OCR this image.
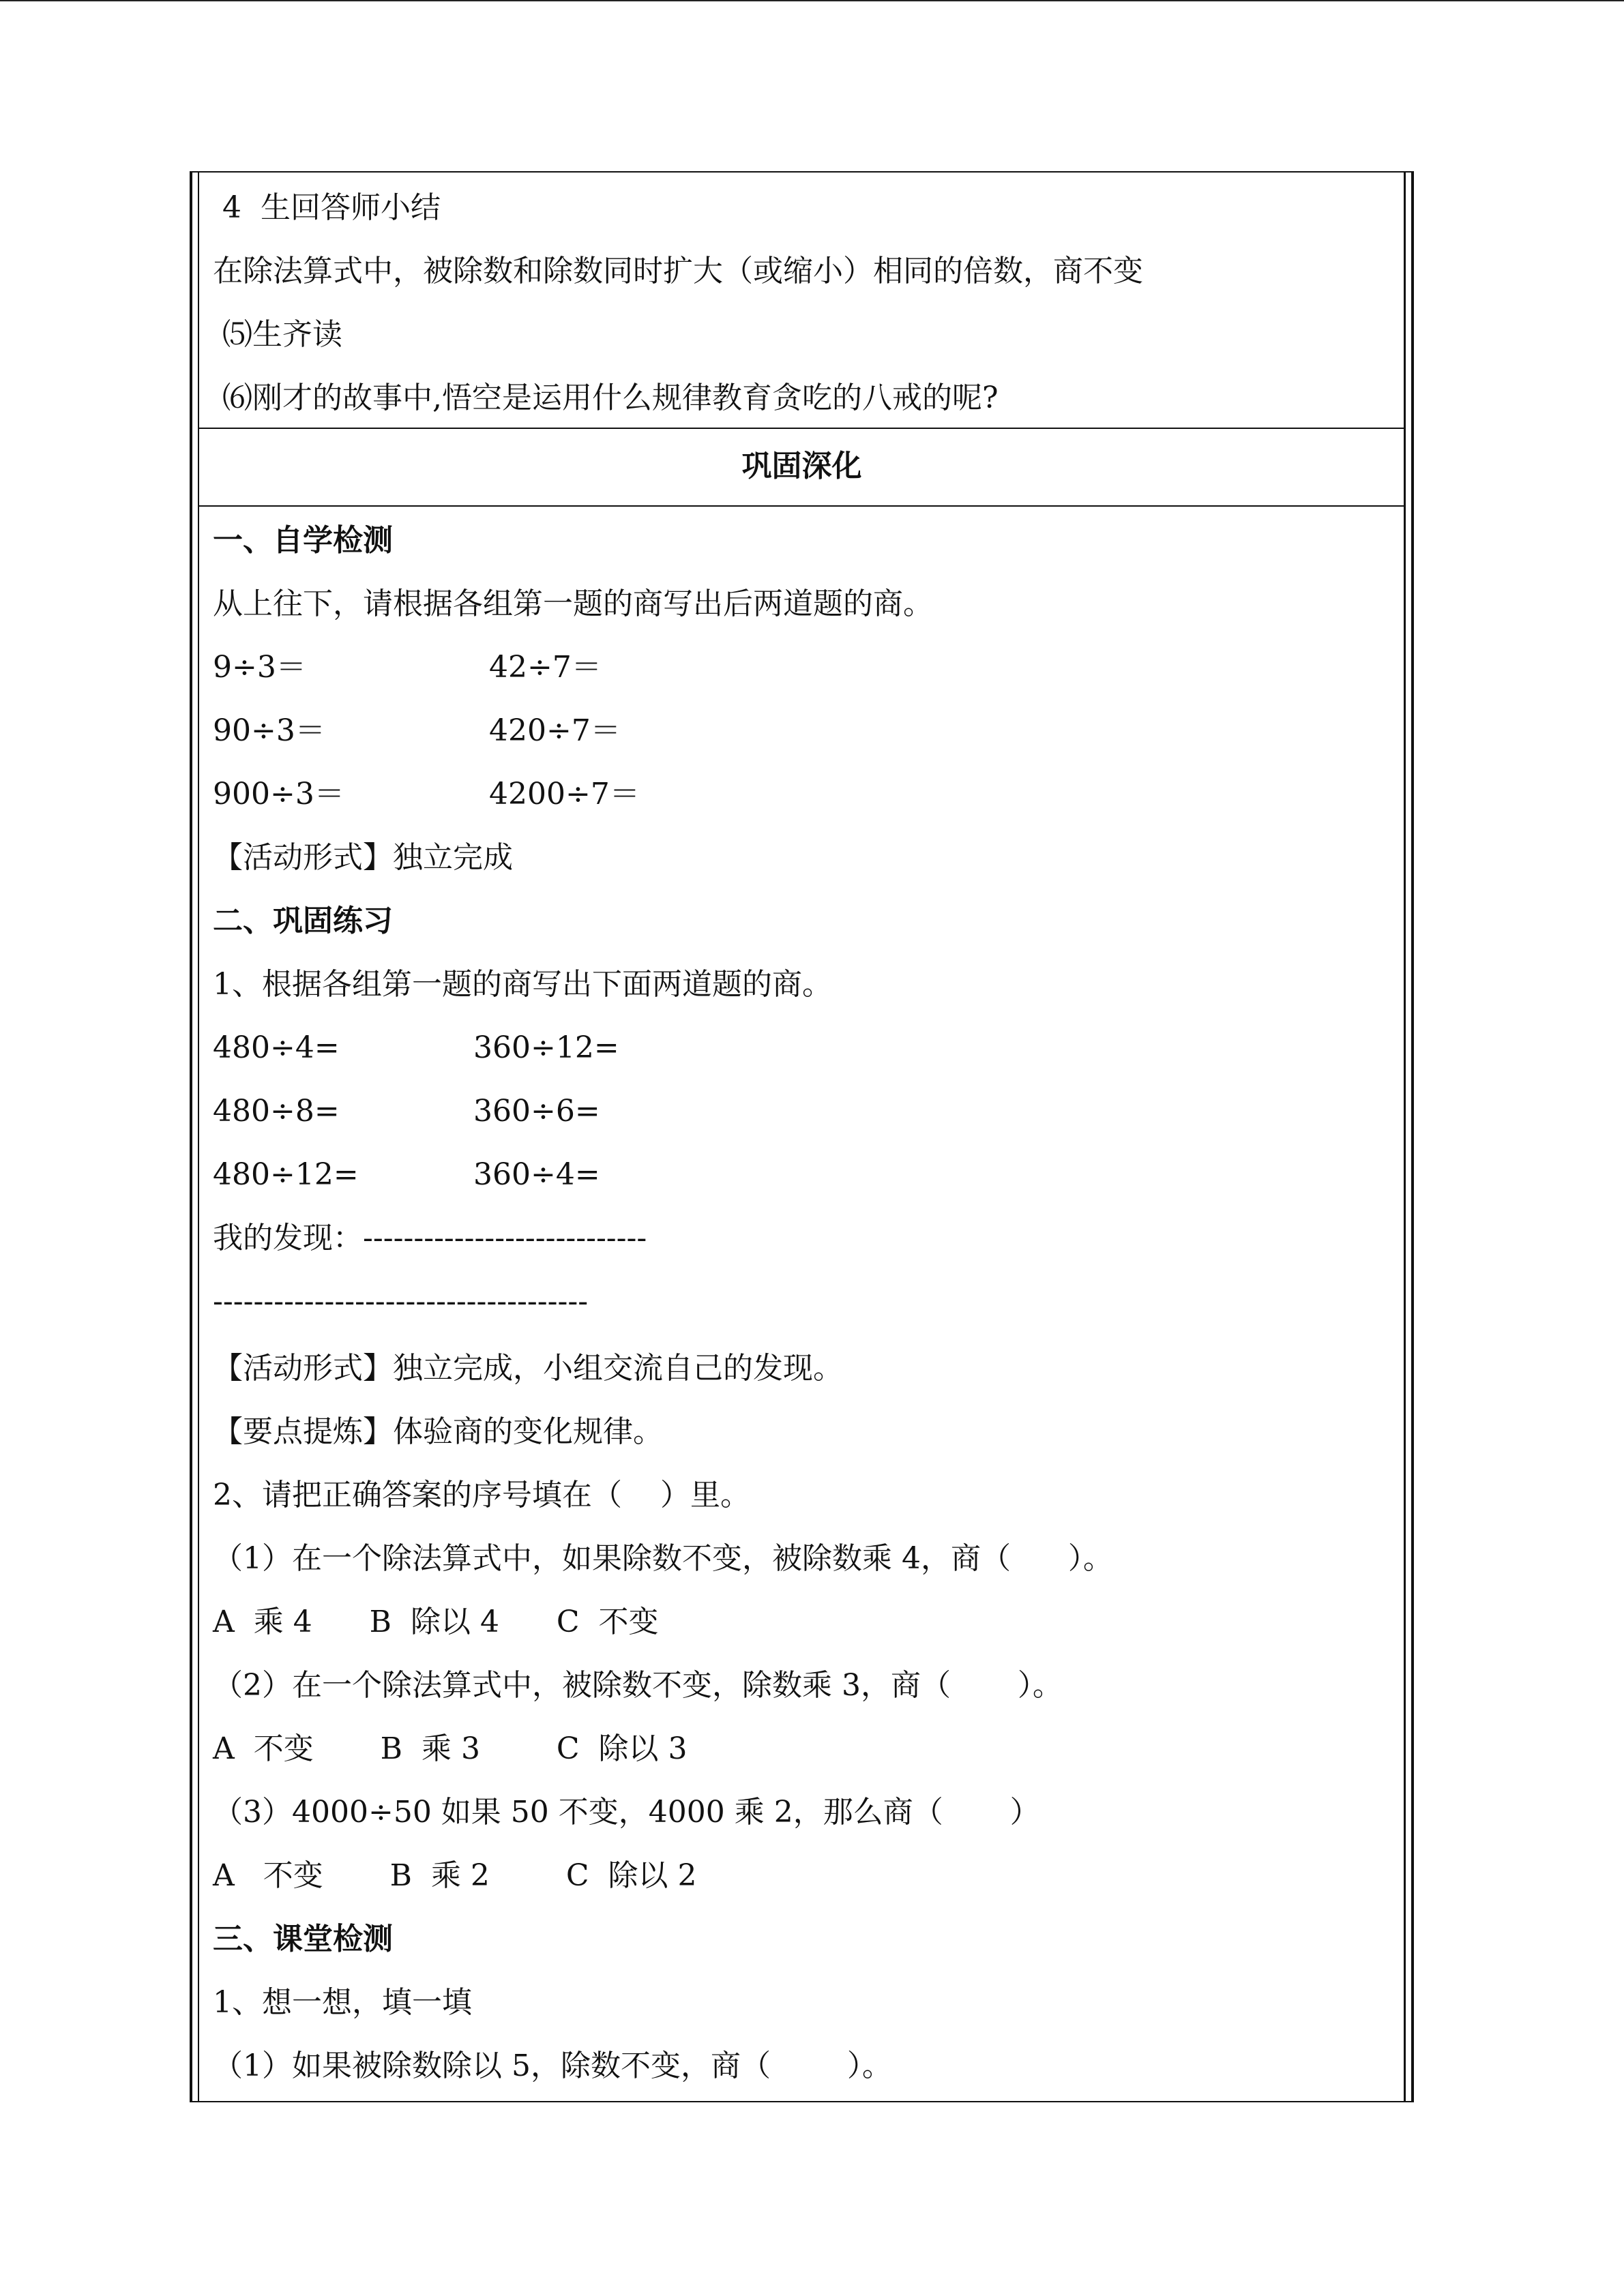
4  生回答师小结
在除法算式中，被除数和除数同时扩大（或缩小）相同的倍数，商不变
⑸生齐读
⑹刚才的故事中,悟空是运用什么规律教育贪吃的八戒的呢?
巩固深化
一、自学检测
从上往下，请根据各组第一题的商写出后两道题的商。
9÷3＝	42÷7＝
90÷3＝	420÷7＝
900÷3＝	4200÷7＝
【活动形式】独立完成
二、巩固练习
1、根据各组第一题的商写出下面两道题的商。
480÷4=	360÷12=
480÷8=	360÷6=
480÷12=	360÷4=
我的发现：----------------------------
-------------------------------------
【活动形式】独立完成，小组交流自己的发现。
【要点提炼】体验商的变化规律。
2、请把正确答案的序号填在（    ）里。
（1）在一个除法算式中，如果除数不变，被除数乘 4，商（      ）。
A  乘 4      B  除以 4      C  不变
（2）在一个除法算式中，被除数不变，除数乘 3，商（       ）。
A  不变       B  乘 3        C  除以 3
（3）4000÷50 如果 50 不变，4000 乘 2，那么商（       ）
A   不变       B  乘 2        C  除以 2
三、课堂检测
1、想一想，填一填
（1）如果被除数除以 5，除数不变，商（        ）。
